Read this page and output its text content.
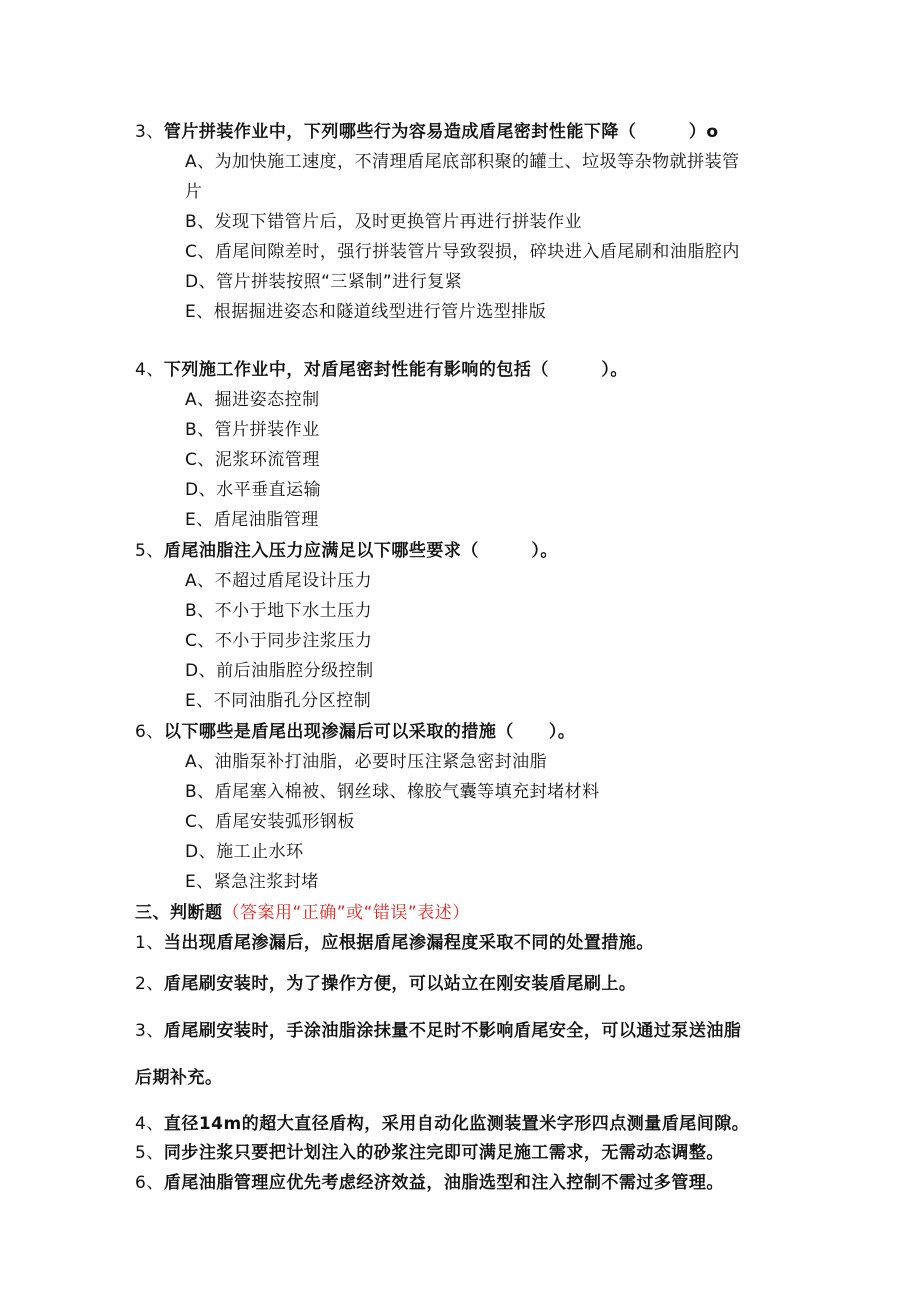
3、管片拼装作业中，下列哪些行为容易造成盾尾密封性能下降（　　　）o
A、为加快施工速度，不清理盾尾底部积聚的罐土、垃圾等杂物就拼装管
片
B、发现下错管片后，及时更换管片再进行拼装作业
C、盾尾间隙差时，强行拼装管片导致裂损，碎块进入盾尾刷和油脂腔内
D、管片拼装按照“三紧制”进行复紧
E、根据掘进姿态和隧道线型进行管片选型排版
4、下列施工作业中，对盾尾密封性能有影响的包括（　　　）。
A、掘进姿态控制
B、管片拼装作业
C、泥浆环流管理
D、水平垂直运输
E、盾尾油脂管理
5、盾尾油脂注入压力应满足以下哪些要求（　　　）。
A、不超过盾尾设计压力
B、不小于地下水土压力
C、不小于同步注浆压力
D、前后油脂腔分级控制
E、不同油脂孔分区控制
6、以下哪些是盾尾出现渗漏后可以采取的措施（　　）。
A、油脂泵补打油脂，必要时压注紧急密封油脂
B、盾尾塞入棉被、钢丝球、橡胶气囊等填充封堵材料
C、盾尾安装弧形钢板
D、施工止水环
E、紧急注浆封堵
三、判断题（答案用“正确”或“错误”表述）
1、当出现盾尾渗漏后，应根据盾尾渗漏程度采取不同的处置措施。
2、盾尾刷安装时，为了操作方便，可以站立在刚安装盾尾刷上。
3、盾尾刷安装时，手涂油脂涂抹量不足时不影响盾尾安全，可以通过泵送油脂
后期补充。
4、直径14m的超大直径盾构，采用自动化监测装置米字形四点测量盾尾间隙。
5、同步注浆只要把计划注入的砂浆注完即可满足施工需求，无需动态调整。
6、盾尾油脂管理应优先考虑经济效益，油脂选型和注入控制不需过多管理。
